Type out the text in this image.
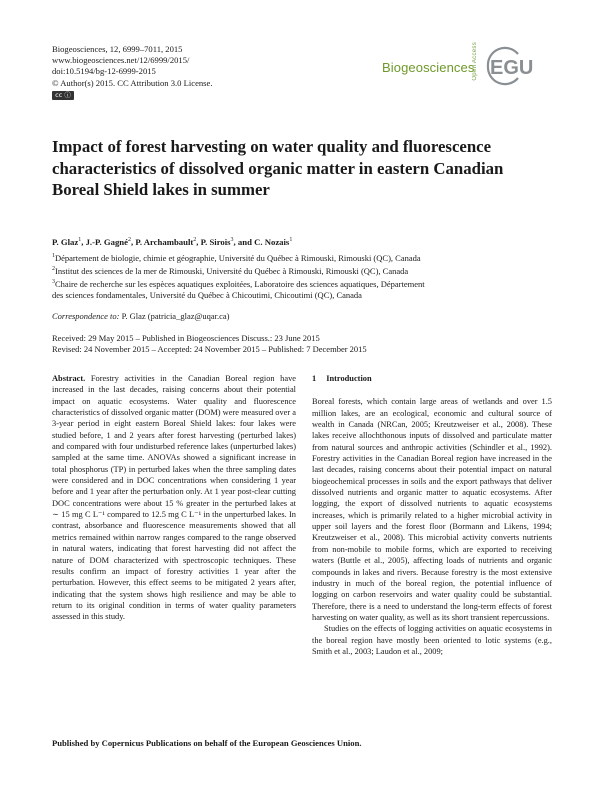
Biogeosciences, 12, 6999–7011, 2015
www.biogeosciences.net/12/6999/2015/
doi:10.5194/bg-12-6999-2015
© Author(s) 2015. CC Attribution 3.0 License.
cc ⓘ
Biogeosciences
Open Access EGU
Impact of forest harvesting on water quality and fluorescence characteristics of dissolved organic matter in eastern Canadian Boreal Shield lakes in summer
P. Glaz$^1$, J.-P. Gagné$^2$, P. Archambault$^2$, P. Sirois$^3$, and C. Nozais$^1$
$^1$Département de biologie, chimie et géographie, Université du Québec à Rimouski, Rimouski (QC), Canada
$^2$Institut des sciences de la mer de Rimouski, Université du Québec à Rimouski, Rimouski (QC), Canada
$^3$Chaire de recherche sur les espèces aquatiques exploitées, Laboratoire des sciences aquatiques, Département
des sciences fondamentales, Université du Québec à Chicoutimi, Chicoutimi (QC), Canada
Correspondence to: P. Glaz (patricia_glaz@uqar.ca)
Received: 29 May 2015 – Published in Biogeosciences Discuss.: 23 June 2015
Revised: 24 November 2015 – Accepted: 24 November 2015 – Published: 7 December 2015
Abstract. Forestry activities in the Canadian Boreal region have increased in the last decades, raising concerns about their potential impact on aquatic ecosystems. Water quality and fluorescence characteristics of dissolved organic matter (DOM) were measured over a 3-year period in eight eastern Boreal Shield lakes: four lakes were studied before, 1 and 2 years after forest harvesting (perturbed lakes) and compared with four undisturbed reference lakes (unperturbed lakes) sampled at the same time. ANOVAs showed a significant increase in total phosphorus (TP) in perturbed lakes when the three sampling dates were considered and in DOC concentrations when considering 1 year before and 1 year after the perturbation only. At 1 year post-clear cutting DOC concentrations were about 15 % greater in the perturbed lakes at ∼ 15 mg C L⁻¹ compared to 12.5 mg C L⁻¹ in the unperturbed lakes. In contrast, absorbance and fluorescence measurements showed that all metrics remained within narrow ranges compared to the range observed in natural waters, indicating that forest harvesting did not affect the nature of DOM characterized with spectroscopic techniques. These results confirm an impact of forestry activities 1 year after the perturbation. However, this effect seems to be mitigated 2 years after, indicating that the system shows high resilience and may be able to return to its original condition in terms of water quality parameters assessed in this study.
1 Introduction
Boreal forests, which contain large areas of wetlands and over 1.5 million lakes, are an ecological, economic and cultural source of wealth in Canada (NRCan, 2005; Kreutzweiser et al., 2008). These lakes receive allochthonous inputs of dissolved and particulate matter from natural sources and anthropic activities (Schindler et al., 1992). Forestry activities in the Canadian Boreal region have increased in the last decades, raising concerns about their potential impact on natural biogeochemical processes in soils and the export pathways that deliver dissolved nutrients and organic matter to aquatic ecosystems. After logging, the export of dissolved nutrients to aquatic ecosystems increases, which is primarily related to a higher microbial activity in upper soil layers and the forest floor (Bormann and Likens, 1994; Kreutzweiser et al., 2008). This microbial activity converts nutrients from non-mobile to mobile forms, which are exported to receiving waters (Buttle et al., 2005), affecting loads of nutrients and organic compounds in lakes and rivers. Because forestry is the most extensive industry in much of the boreal region, the potential influence of logging on carbon reservoirs and water quality could be substantial. Therefore, there is a need to understand the long-term effects of forest harvesting on water quality, as well as its short transient repercussions.
Studies on the effects of logging activities on aquatic ecosystems in the boreal region have mostly been oriented to lotic systems (e.g., Smith et al., 2003; Laudon et al., 2009;
Published by Copernicus Publications on behalf of the European Geosciences Union.
